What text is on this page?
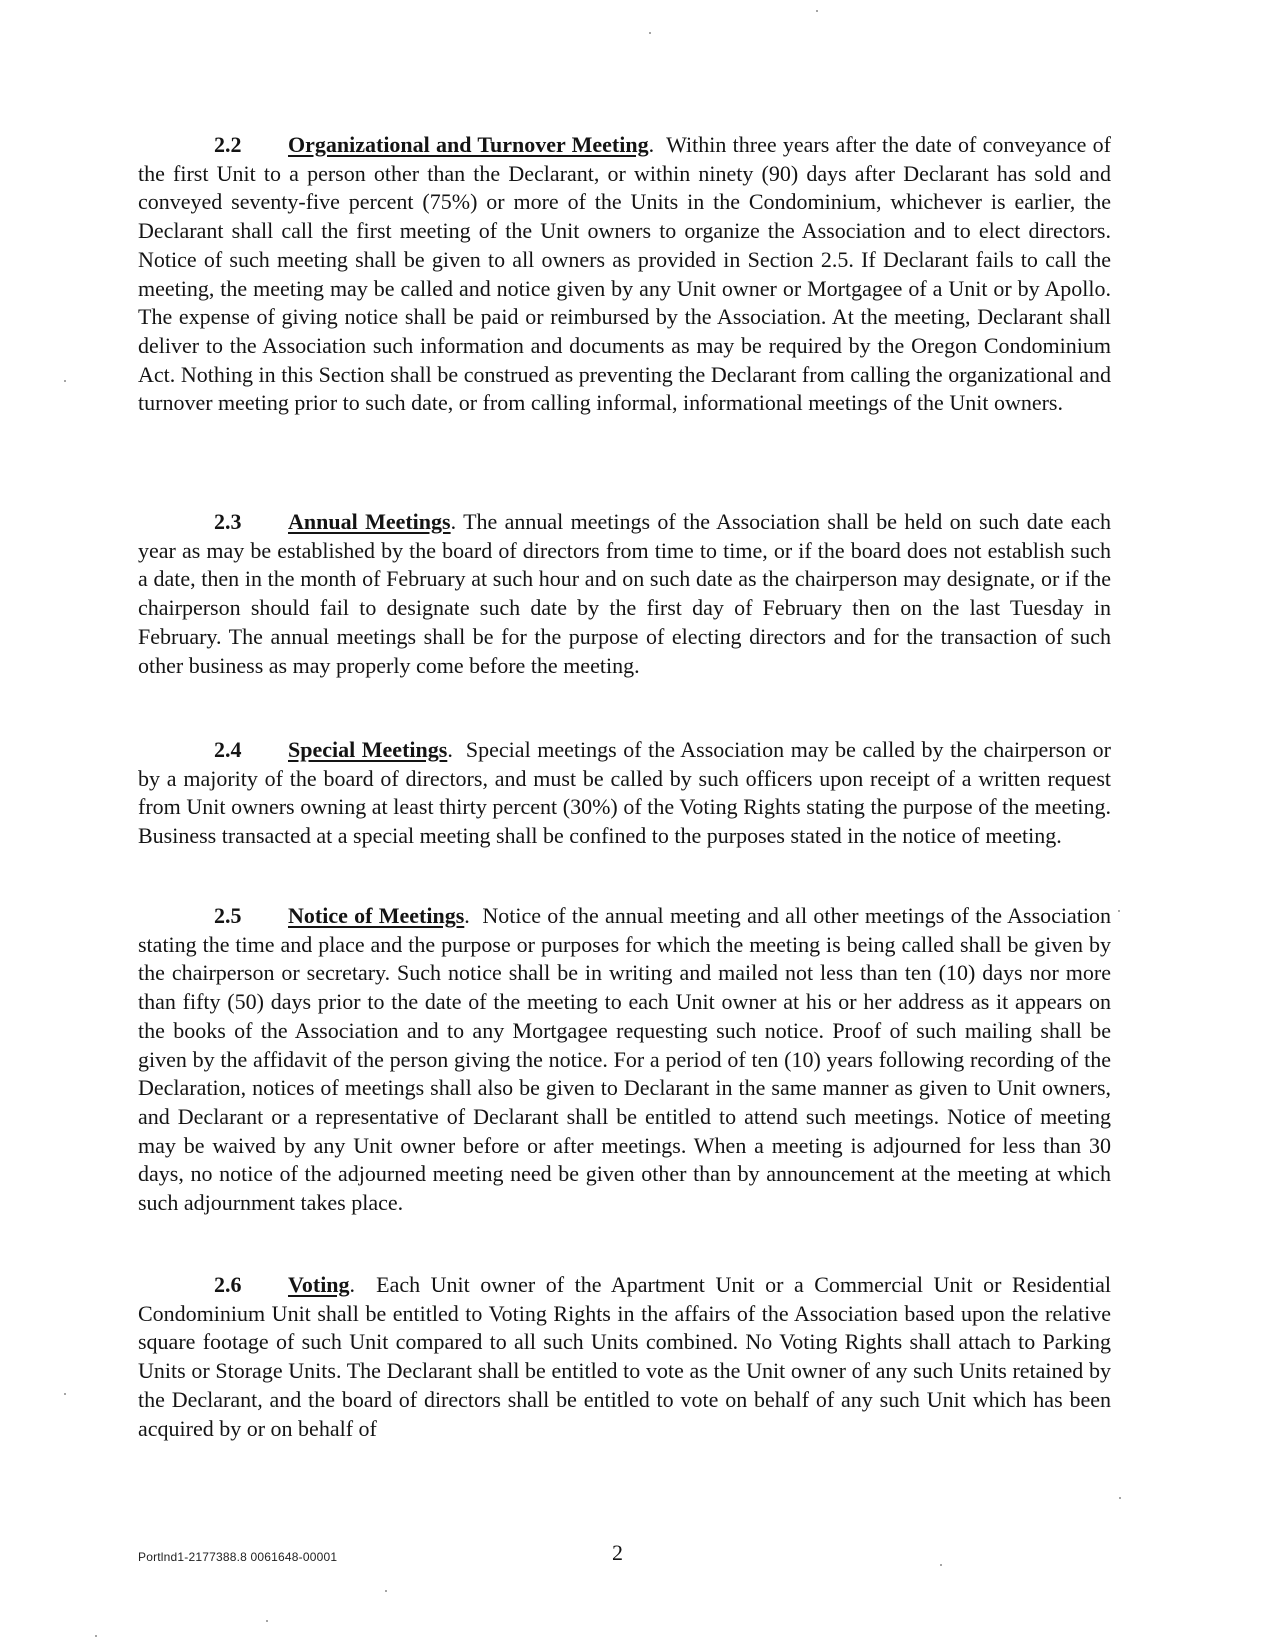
2.2 Organizational and Turnover Meeting.  Within three years after the date of conveyance of the first Unit to a person other than the Declarant, or within ninety (90) days after Declarant has sold and conveyed seventy-five percent (75%) or more of the Units in the Condominium, whichever is earlier, the Declarant shall call the first meeting of the Unit owners to organize the Association and to elect directors. Notice of such meeting shall be given to all owners as provided in Section 2.5. If Declarant fails to call the meeting, the meeting may be called and notice given by any Unit owner or Mortgagee of a Unit or by Apollo. The expense of giving notice shall be paid or reimbursed by the Association. At the meeting, Declarant shall deliver to the Association such information and documents as may be required by the Oregon Condominium Act. Nothing in this Section shall be construed as preventing the Declarant from calling the organizational and turnover meeting prior to such date, or from calling informal, informational meetings of the Unit owners.

2.3 Annual Meetings. The annual meetings of the Association shall be held on such date each year as may be established by the board of directors from time to time, or if the board does not establish such a date, then in the month of February at such hour and on such date as the chairperson may designate, or if the chairperson should fail to designate such date by the first day of February then on the last Tuesday in February. The annual meetings shall be for the purpose of electing directors and for the transaction of such other business as may properly come before the meeting.

2.4 Special Meetings.  Special meetings of the Association may be called by the chairperson or by a majority of the board of directors, and must be called by such officers upon receipt of a written request from Unit owners owning at least thirty percent (30%) of the Voting Rights stating the purpose of the meeting. Business transacted at a special meeting shall be confined to the purposes stated in the notice of meeting.

2.5 Notice of Meetings.  Notice of the annual meeting and all other meetings of the Association stating the time and place and the purpose or purposes for which the meeting is being called shall be given by the chairperson or secretary. Such notice shall be in writing and mailed not less than ten (10) days nor more than fifty (50) days prior to the date of the meeting to each Unit owner at his or her address as it appears on the books of the Association and to any Mortgagee requesting such notice. Proof of such mailing shall be given by the affidavit of the person giving the notice. For a period of ten (10) years following recording of the Declaration, notices of meetings shall also be given to Declarant in the same manner as given to Unit owners, and Declarant or a representative of Declarant shall be entitled to attend such meetings. Notice of meeting may be waived by any Unit owner before or after meetings. When a meeting is adjourned for less than 30 days, no notice of the adjourned meeting need be given other than by announcement at the meeting at which such adjournment takes place.

2.6 Voting.  Each Unit owner of the Apartment Unit or a Commercial Unit or Residential Condominium Unit shall be entitled to Voting Rights in the affairs of the Association based upon the relative square footage of such Unit compared to all such Units combined. No Voting Rights shall attach to Parking Units or Storage Units. The Declarant shall be entitled to vote as the Unit owner of any such Units retained by the Declarant, and the board of directors shall be entitled to vote on behalf of any such Unit which has been acquired by or on behalf of

Portlnd1-2177388.8 0061648-00001	2
